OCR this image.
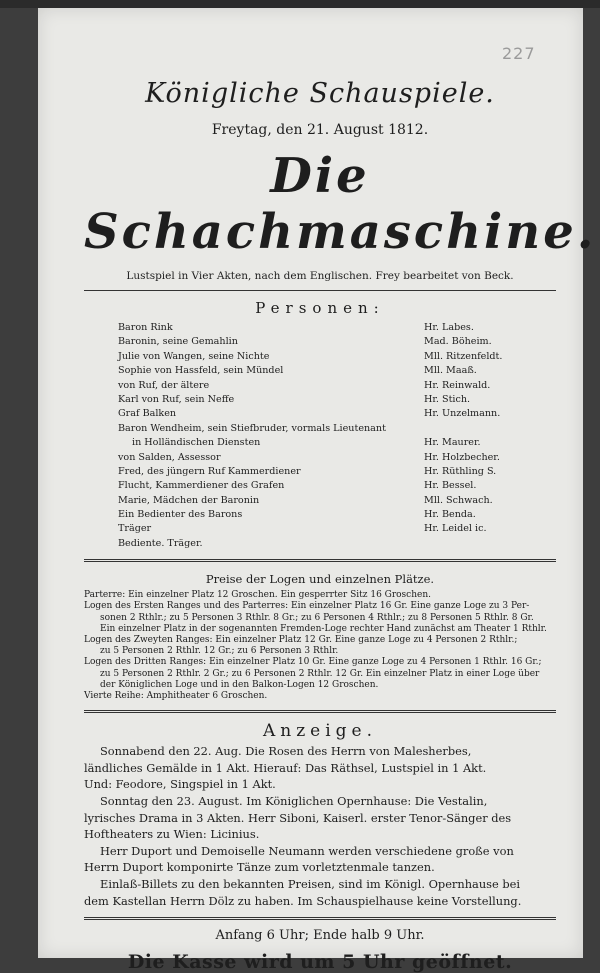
227
Königliche Schauspiele.
Freytag, den 21. August 1812.
Die Schachmaschine.
Lustspiel in Vier Akten, nach dem Englischen. Frey bearbeitet von Beck.
Personen:
Baron Rink	Hr. Labes.
Baronin, seine Gemahlin	Mad. Böheim.
Julie von Wangen, seine Nichte	Mll. Ritzenfeldt.
Sophie von Hassfeld, sein Mündel	Mll. Maaß.
von Ruf, der ältere	Hr. Reinwald.
Karl von Ruf, sein Neffe	Hr. Stich.
Graf Balken	Hr. Unzelmann.
Baron Wendheim, sein Stiefbruder, vormals Lieutenant
in Holländischen Diensten	Hr. Maurer.
von Salden, Assessor	Hr. Holzbecher.
Fred, des jüngern Ruf Kammerdiener	Hr. Rüthling S.
Flucht, Kammerdiener des Grafen	Hr. Bessel.
Marie, Mädchen der Baronin	Mll. Schwach.
Ein Bedienter des Barons	Hr. Benda.
Träger	Hr. Leidel ic.
Bediente. Träger.
Preise der Logen und einzelnen Plätze.

Parterre: Ein einzelner Platz 12 Groschen. Ein gesperrter Sitz 16 Groschen.

Logen des Ersten Ranges und des Parterres: Ein einzelner Platz 16 Gr. Eine ganze Loge zu 3 Per-

sonen 2 Rthlr.; zu 5 Personen 3 Rthlr. 8 Gr.; zu 6 Personen 4 Rthlr.; zu 8 Personen 5 Rthlr. 8 Gr.

Ein einzelner Platz in der sogenannten Fremden-Loge rechter Hand zunächst am Theater 1 Rthlr.

Logen des Zweyten Ranges: Ein einzelner Platz 12 Gr. Eine ganze Loge zu 4 Personen 2 Rthlr.;

zu 5 Personen 2 Rthlr. 12 Gr.; zu 6 Personen 3 Rthlr.

Logen des Dritten Ranges: Ein einzelner Platz 10 Gr. Eine ganze Loge zu 4 Personen 1 Rthlr. 16 Gr.;

zu 5 Personen 2 Rthlr. 2 Gr.; zu 6 Personen 2 Rthlr. 12 Gr. Ein einzelner Platz in einer Loge über

der Königlichen Loge und in den Balkon-Logen 12 Groschen.

Vierte Reihe: Amphitheater 6 Groschen.

Anzeige.

Sonnabend den 22. Aug. Die Rosen des Herrn von Malesherbes,

ländliches Gemälde in 1 Akt. Hierauf: Das Räthsel, Lustspiel in 1 Akt.

Und: Feodore, Singspiel in 1 Akt.

Sonntag den 23. August. Im Königlichen Opernhause: Die Vestalin,

lyrisches Drama in 3 Akten. Herr Siboni, Kaiserl. erster Tenor-Sänger des

Hoftheaters zu Wien: Licinius.

Herr Duport und Demoiselle Neumann werden verschiedene große von

Herrn Duport komponirte Tänze zum vorletztenmale tanzen.

Einlaß-Billets zu den bekannten Preisen, sind im Königl. Opernhause bei

dem Kastellan Herrn Dölz zu haben. Im Schauspielhause keine Vorstellung.

Anfang 6 Uhr; Ende halb 9 Uhr.
Die Kasse wird um 5 Uhr geöffnet.
